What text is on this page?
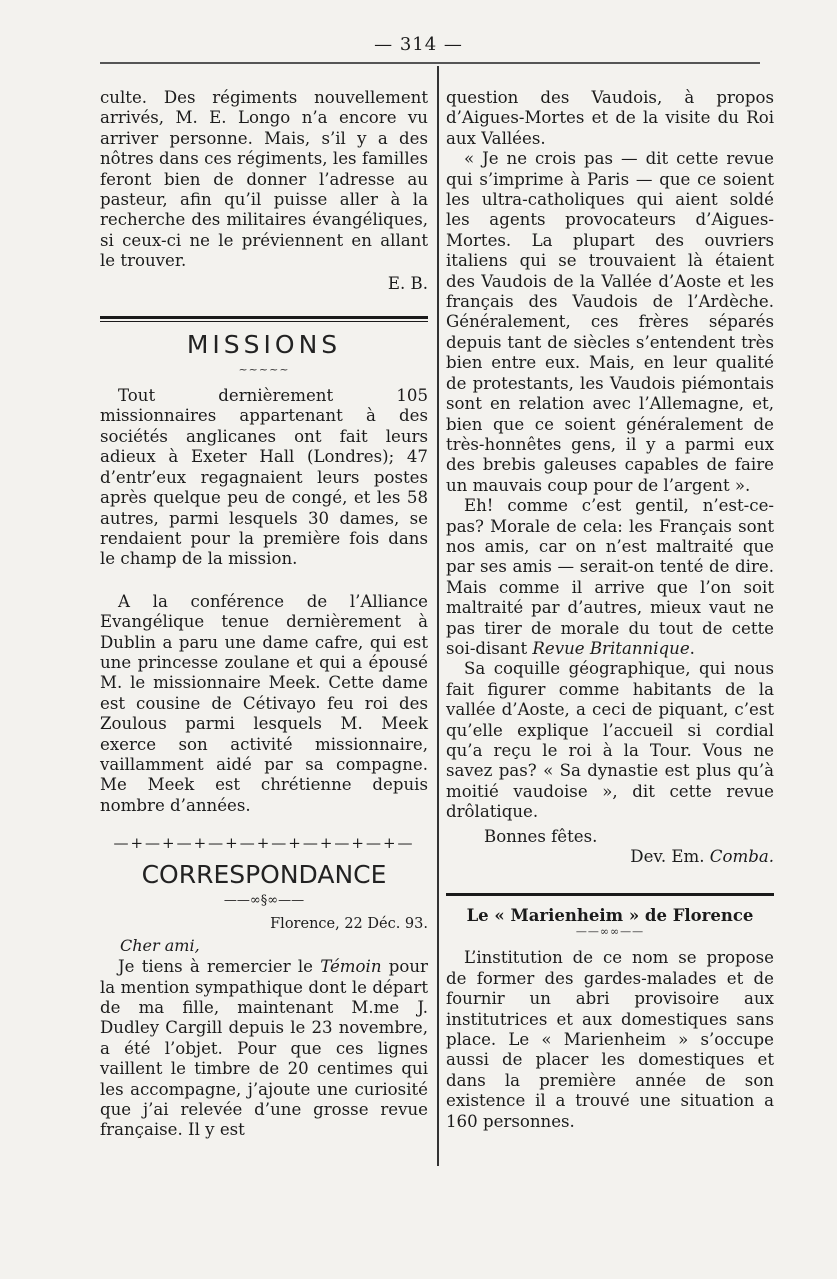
— 314 —

culte. Des régiments nouvellement arrivés, M. E. Longo n’a encore vu arriver personne. Mais, s’il y a des nôtres dans ces régiments, les familles feront bien de donner l’adresse au pasteur, afin qu’il puisse aller à la recherche des militaires évangéliques, si ceux-ci ne le préviennent en allant le trouver.

E. B.

MISSIONS
~~~~~

Tout dernièrement 105 missionnaires appartenant à des sociétés anglicanes ont fait leurs adieux à Exeter Hall (Londres); 47 d’entr’eux regagnaient leurs postes après quelque peu de congé, et les 58 autres, parmi lesquels 30 dames, se rendaient pour la première fois dans le champ de la mission.

A la conférence de l’Alliance Evangélique tenue dernièrement à Dublin a paru une dame cafre, qui est une princesse zoulane et qui a épousé M. le missionnaire Meek. Cette dame est cousine de Cétivayo feu roi des Zoulous parmi lesquels M. Meek exerce son activité missionnaire, vaillamment aidé par sa compagne. Me Meek est chrétienne depuis nombre d’années.

—+—+—+—+—+—+—+—+—+—
CORRESPONDANCE
——∞§∞——
Florence, 22 Déc. 93.
Cher ami,

Je tiens à remercier le Témoin pour la mention sympathique dont le départ de ma fille, maintenant M.me J. Dudley Cargill depuis le 23 novembre, a été l’objet. Pour que ces lignes vaillent le timbre de 20 centimes qui les accompagne, j’ajoute une curiosité que j’ai relevée d’une grosse revue française. Il y est

question des Vaudois, à propos d’Aigues-Mortes et de la visite du Roi aux Vallées.

« Je ne crois pas — dit cette revue qui s’imprime à Paris — que ce soient les ultra-catholiques qui aient soldé les agents provocateurs d’Aigues-Mortes. La plupart des ouvriers italiens qui se trouvaient là étaient des Vaudois de la Vallée d’Aoste et les français des Vaudois de l’Ardèche. Généralement, ces frères séparés depuis tant de siècles s’entendent très bien entre eux. Mais, en leur qualité de protestants, les Vaudois piémontais sont en relation avec l’Allemagne, et, bien que ce soient généralement de très-honnêtes gens, il y a parmi eux des brebis galeuses capables de faire un mauvais coup pour de l’argent ».

Eh! comme c’est gentil, n’est-ce-pas? Morale de cela: les Français sont nos amis, car on n’est maltraité que par ses amis — serait-on tenté de dire. Mais comme il arrive que l’on soit maltraité par d’autres, mieux vaut ne pas tirer de morale du tout de cette soi-disant Revue Britannique.

Sa coquille géographique, qui nous fait figurer comme habitants de la vallée d’Aoste, a ceci de piquant, c’est qu’elle explique l’accueil si cordial qu’a reçu le roi à la Tour. Vous ne savez pas? « Sa dynastie est plus qu’à moitié vaudoise », dit cette revue drôlatique.

Bonnes fêtes.

Dev. Em. Comba.

Le « Marienheim » de Florence
——∞∞——

L’institution de ce nom se propose de former des gardes-malades et de fournir un abri provisoire aux institutrices et aux domestiques sans place. Le « Marienheim » s’occupe aussi de placer les domestiques et dans la première année de son existence il a trouvé une situation a 160 personnes.
